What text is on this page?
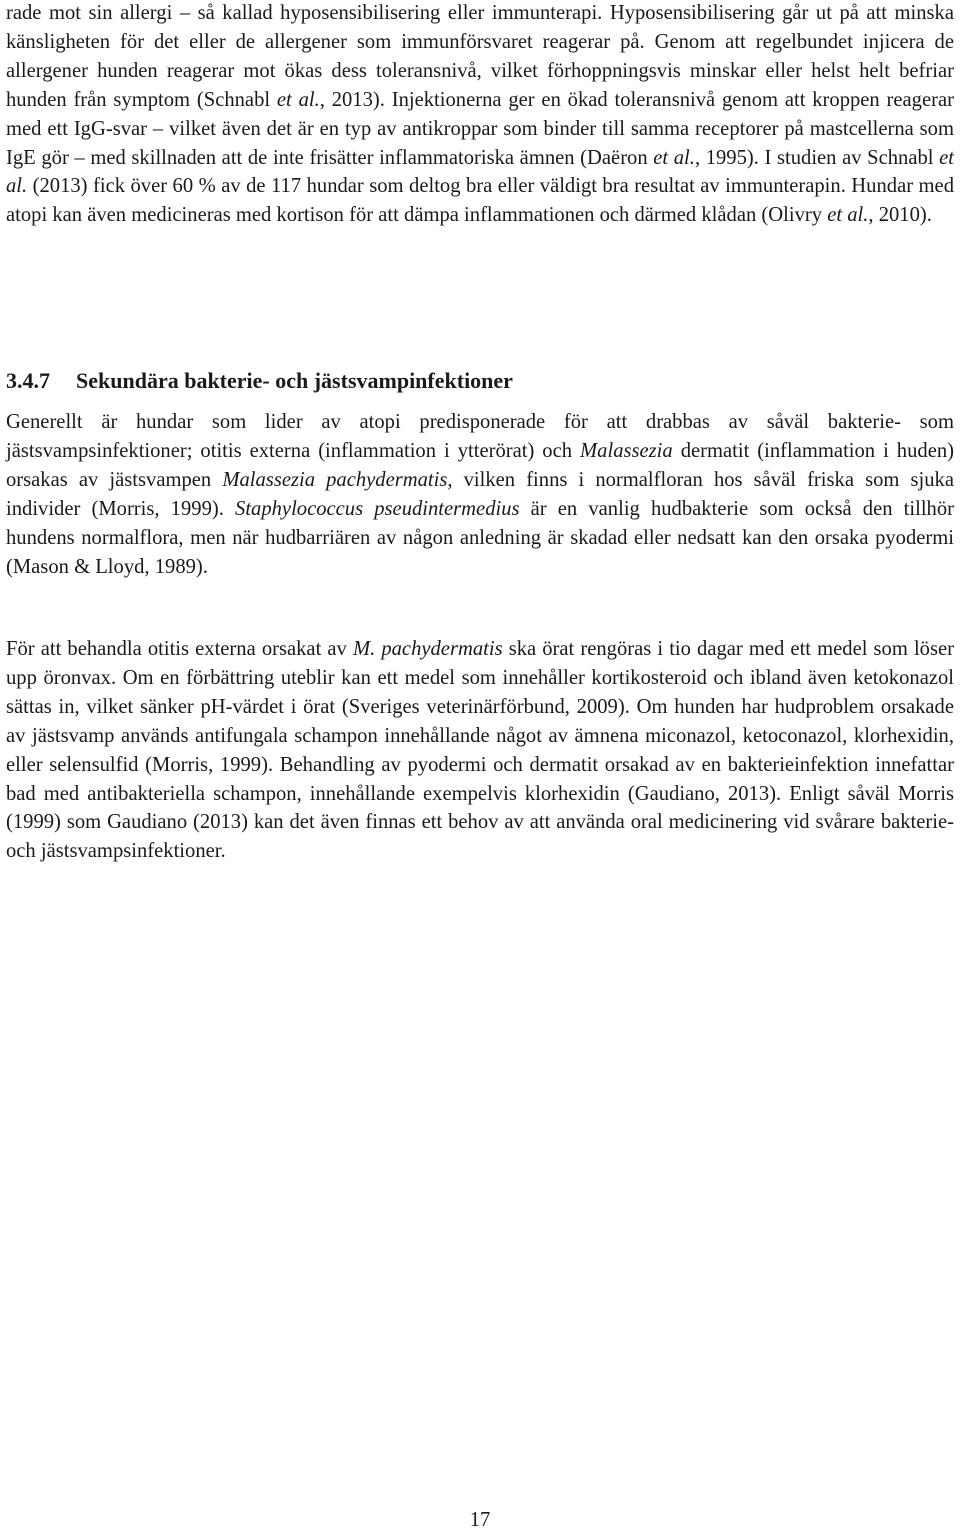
rade mot sin allergi – så kallad hyposensibilisering eller immunterapi. Hyposensibilisering går ut på att minska känsligheten för det eller de allergener som immunförsvaret reagerar på. Genom att regelbundet injicera de allergener hunden reagerar mot ökas dess toleransnivå, vilket förhoppningsvis minskar eller helst helt befriar hunden från symptom (Schnabl et al., 2013). Injektionerna ger en ökad toleransnivå genom att kroppen reagerar med ett IgG-svar – vilket även det är en typ av antikroppar som binder till samma receptorer på mastcellerna som IgE gör – med skillnaden att de inte frisätter inflammatoriska ämnen (Daëron et al., 1995). I studien av Schnabl et al. (2013) fick över 60 % av de 117 hundar som deltog bra eller väldigt bra resultat av immunterapin. Hundar med atopi kan även medicineras med kortison för att dämpa inflammationen och därmed klådan (Olivry et al., 2010).

3.4.7 Sekundära bakterie- och jästsvampinfektioner

Generellt är hundar som lider av atopi predisponerade för att drabbas av såväl bakterie- som jästsvampsinfektioner; otitis externa (inflammation i ytterörat) och Malassezia dermatit (inflammation i huden) orsakas av jästsvampen Malassezia pachydermatis, vilken finns i normalfloran hos såväl friska som sjuka individer (Morris, 1999). Staphylococcus pseudintermedius är en vanlig hudbakterie som också den tillhör hundens normalflora, men när hudbarriären av någon anledning är skadad eller nedsatt kan den orsaka pyodermi (Mason & Lloyd, 1989).

För att behandla otitis externa orsakat av M. pachydermatis ska örat rengöras i tio dagar med ett medel som löser upp öronvax. Om en förbättring uteblir kan ett medel som innehåller kortikosteroid och ibland även ketokonazol sättas in, vilket sänker pH-värdet i örat (Sveriges veterinärförbund, 2009). Om hunden har hudproblem orsakade av jästsvamp används antifungala schampon innehållande något av ämnena miconazol, ketoconazol, klorhexidin, eller selensulfid (Morris, 1999). Behandling av pyodermi och dermatit orsakad av en bakterieinfektion innefattar bad med antibakteriella schampon, innehållande exempelvis klorhexidin (Gaudiano, 2013). Enligt såväl Morris (1999) som Gaudiano (2013) kan det även finnas ett behov av att använda oral medicinering vid svårare bakterie- och jästsvampsinfektioner.

17
